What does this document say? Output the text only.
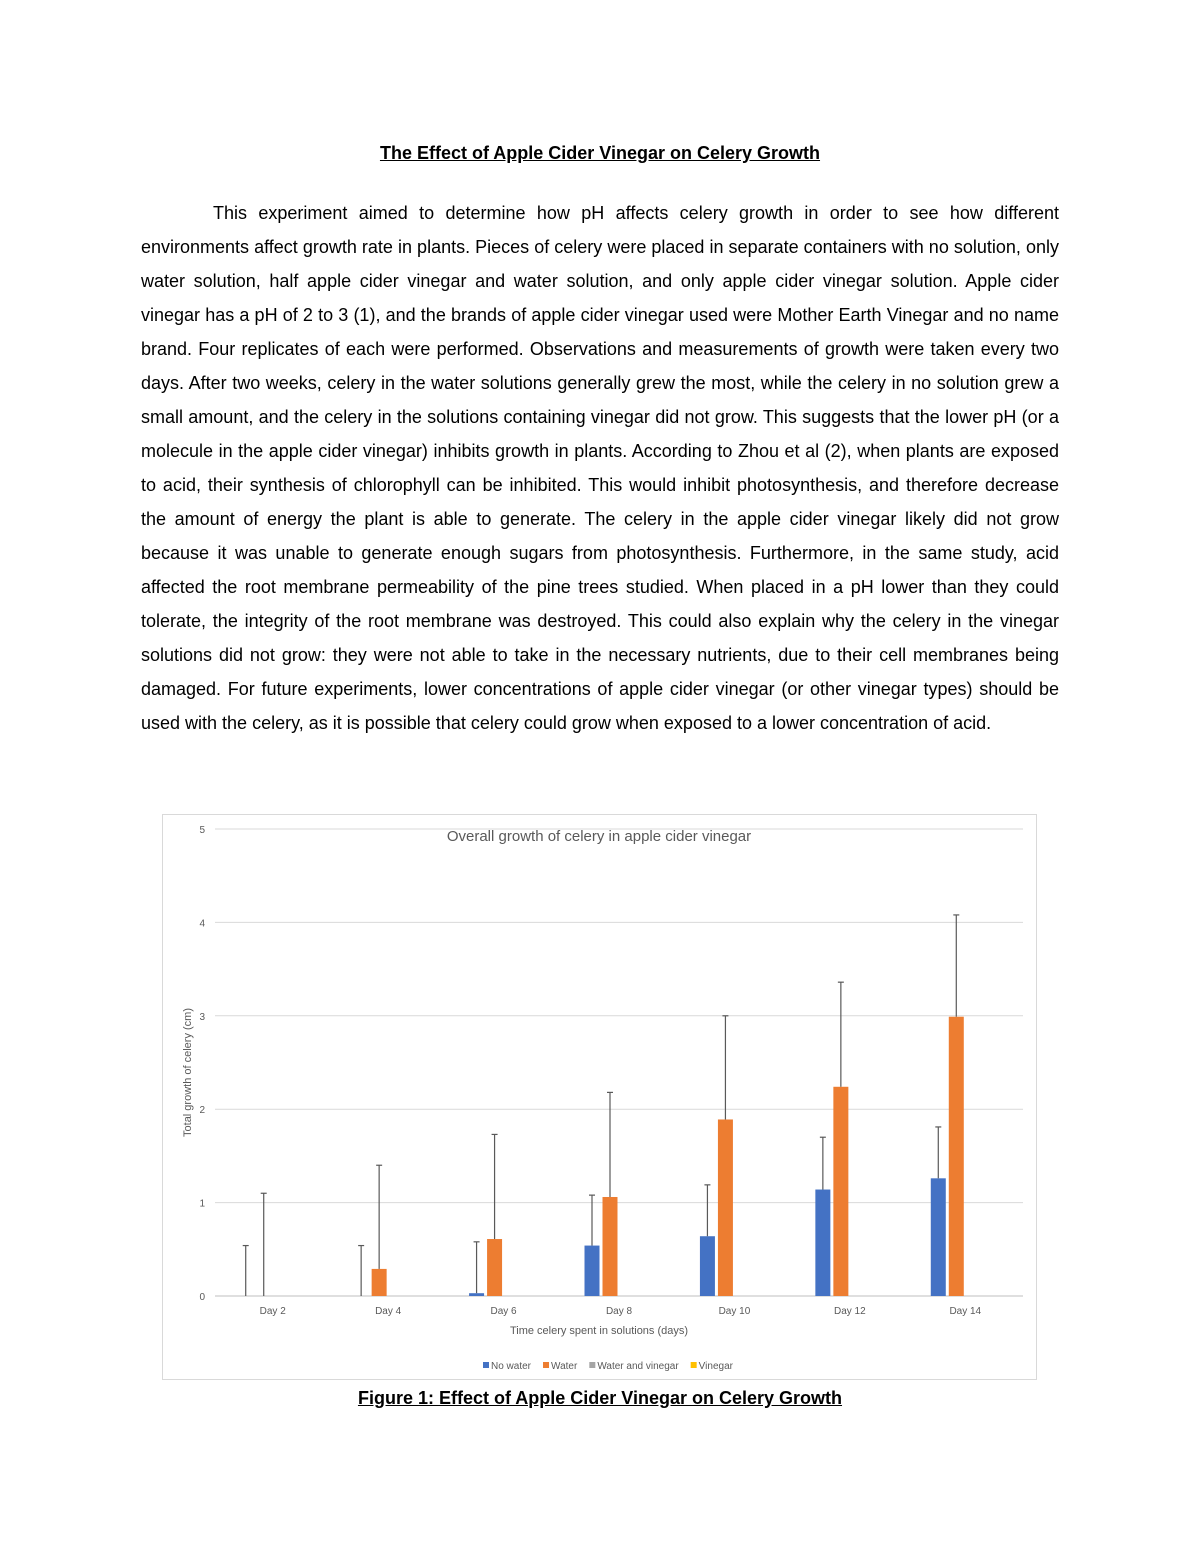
The Effect of Apple Cider Vinegar on Celery Growth

This experiment aimed to determine how pH affects celery growth in order to see how different environments affect growth rate in plants. Pieces of celery were placed in separate containers with no solution, only water solution, half apple cider vinegar and water solution, and only apple cider vinegar solution. Apple cider vinegar has a pH of 2 to 3 (1), and the brands of apple cider vinegar used were Mother Earth Vinegar and no name brand. Four replicates of each were performed. Observations and measurements of growth were taken every two days. After two weeks, celery in the water solutions generally grew the most, while the celery in no solution grew a small amount, and the celery in the solutions containing vinegar did not grow. This suggests that the lower pH (or a molecule in the apple cider vinegar) inhibits growth in plants. According to Zhou et al (2), when plants are exposed to acid, their synthesis of chlorophyll can be inhibited. This would inhibit photosynthesis, and therefore decrease the amount of energy the plant is able to generate. The celery in the apple cider vinegar likely did not grow because it was unable to generate enough sugars from photosynthesis. Furthermore, in the same study, acid affected the root membrane permeability of the pine trees studied. When placed in a pH lower than they could tolerate, the integrity of the root membrane was destroyed. This could also explain why the celery in the vinegar solutions did not grow: they were not able to take in the necessary nutrients, due to their cell membranes being damaged. For future experiments, lower concentrations of apple cider vinegar (or other vinegar types) should be used with the celery, as it is possible that celery could grow when exposed to a lower concentration of acid.

0
1
2
3
4
5	Overall growth of celery in apple cider vinegar
Day 2	Day 4	Day 6	Day 8	Day 10	Day 12	Day 14
Time celery spent in solutions (days)
Total growth of celery (cm)
No water Water Water and vinegar Vinegar

Figure 1: Effect of Apple Cider Vinegar on Celery Growth
